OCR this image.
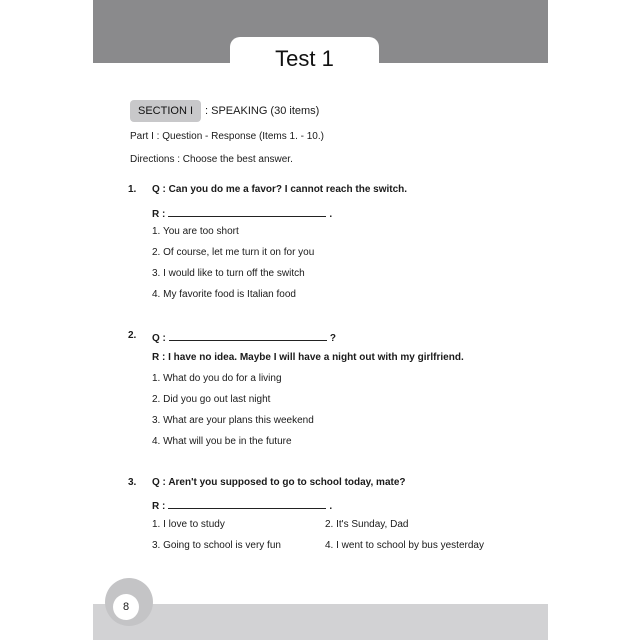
Test 1
SECTION I	: SPEAKING (30 items)
Part I : Question - Response (Items 1. - 10.)
Directions : Choose the best answer.
1. Q : Can you do me a favor? I cannot reach the switch.
R :	.
1. You are too short
2. Of course, let me turn it on for you
3. I would like to turn off the switch
4. My favorite food is Italian food
2. Q :	?
R : I have no idea. Maybe I will have a night out with my girlfriend.
1. What do you do for a living
2. Did you go out last night
3. What are your plans this weekend
4. What will you be in the future
3. Q : Aren't you supposed to go to school today, mate?
R :	.
1. I love to study	2. It's Sunday, Dad
3. Going to school is very fun	4. I went to school by bus yesterday
8
